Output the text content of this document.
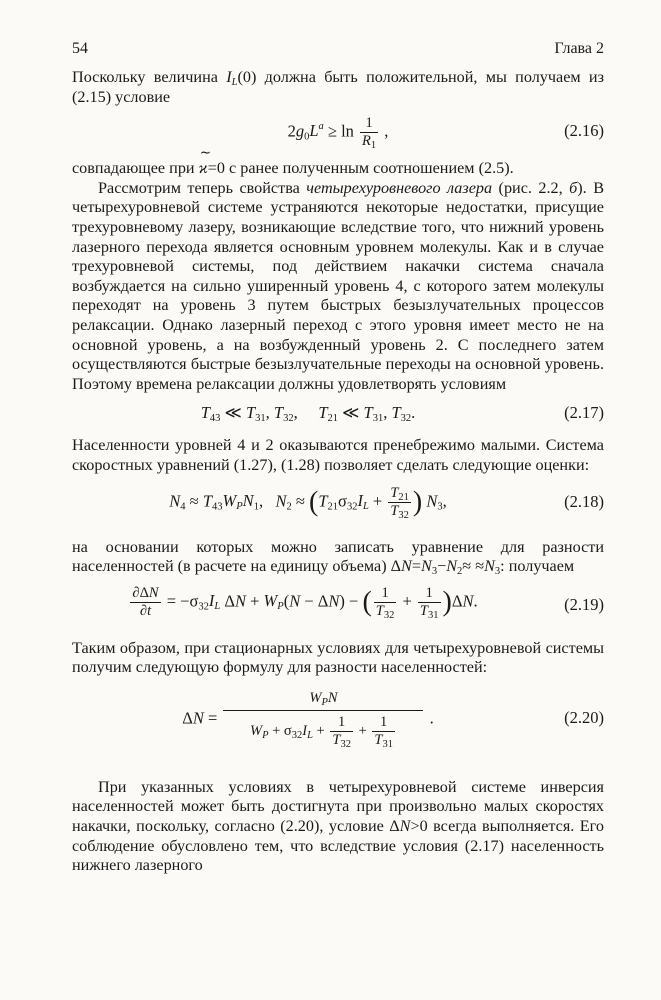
54	Глава 2

Поскольку величина $I_L(0)$ должна быть положительной, мы получаем из (2.15) условие

$2g_0L^a \ge \ln \frac{1}{R_1}$ ,	(2.16)

совпадающее при ∼ ϰ=0 с ранее полученным соотношением (2.5).

Рассмотрим теперь свойства четырехуровневого лазера (рис. 2.2, б). В четырехуровневой системе устраняются некоторые недостатки, присущие трехуровневому лазеру, возникающие вследствие того, что нижний уровень лазерного перехода является основным уровнем молекулы. Как и в случае трехуровневой системы, под действием накачки система сначала возбуждается на сильно уширенный уровень 4, с которого затем молекулы переходят на уровень 3 путем быстрых безызлучательных процессов релаксации. Однако лазерный переход с этого уровня имеет место не на основной уровень, а на возбужденный уровень 2. С последнего затем осуществляются быстрые безызлучательные переходы на основной уровень. Поэтому времена релаксации должны удовлетворять условиям

$T_{43}$ ≪ $T_{31}$, $T_{32}$,     $T_{21}$ ≪ $T_{31}$, $T_{32}$.	(2.17)

Населенности уровней 4 и 2 оказываются пренебрежимо малыми. Система скоростных уравнений (1.27), (1.28) позволяет сделать следующие оценки:

$N_4 \approx T_{43}W_PN_1$,   $N_2 \approx (T_{21}\sigma_{32}I_L + \frac{T_{21}}{T_{32}}$ ) $N_3$,	(2.18)

на основании которых можно записать уравнение для разности населенностей (в расчете на единицу объема) $\Delta N=N_3-N_2\approx \approx N_3$: получаем

$\frac{\partial\Delta N}{\partial t} = -\sigma_{32}I_L$ $\Delta N + W_P(N - \Delta N)$ − ( $\frac{1}{T_{32}} + \frac{1}{T_{31}} )\Delta N$.	(2.19)

Таким образом, при стационарных условиях для четырехуровневой системы получим следующую формулу для разности населенностей:

$\Delta N = \frac{W_PN}{W_P + \sigma_{32}I_L + \frac{1}{T_{32}} + \frac{1}{T_{31}}}$ .	(2.20)

При указанных условиях в четырехуровневой системе инверсия населенностей может быть достигнута при произвольно малых скоростях накачки, поскольку, согласно (2.20), условие ΔN>0 всегда выполняется. Его соблюдение обусловлено тем, что вследствие условия (2.17) населенность нижнего лазерного
